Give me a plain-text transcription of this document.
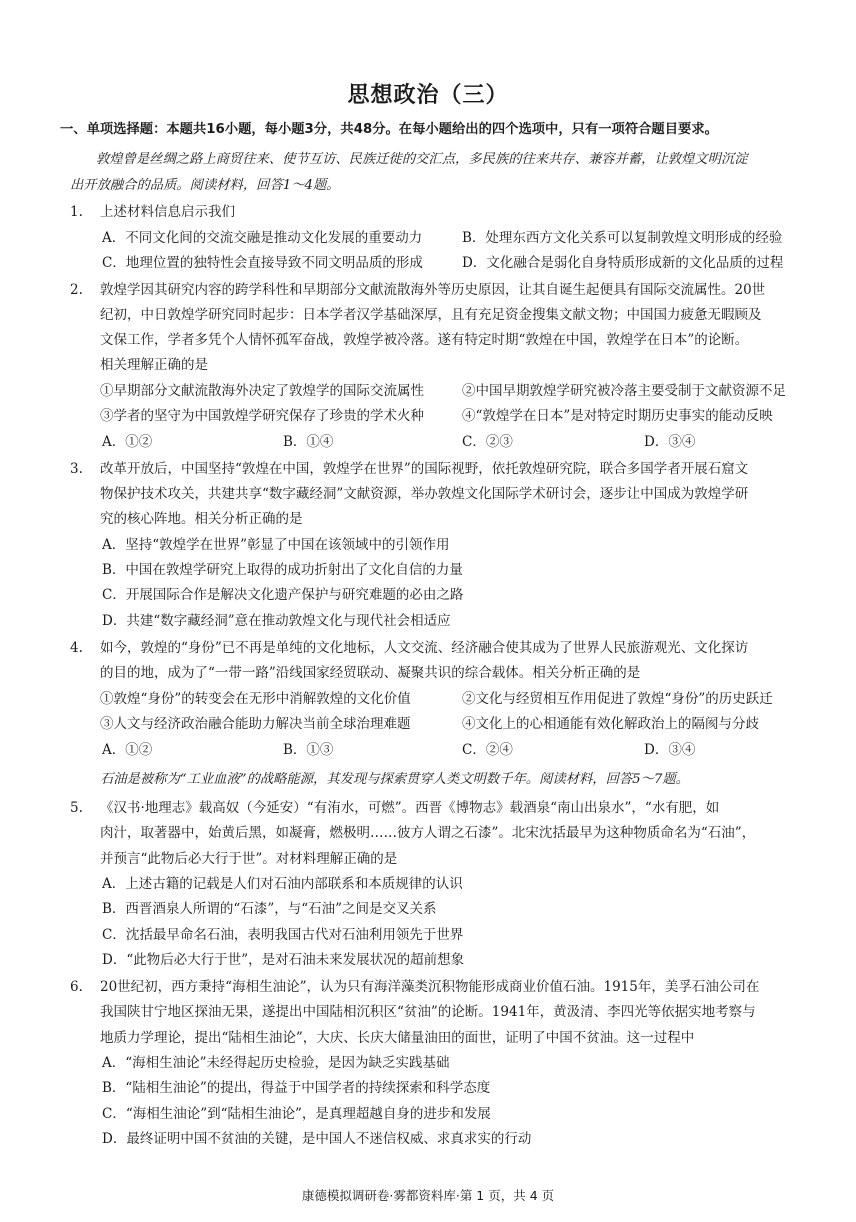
思想政治（三）
一、单项选择题：本题共16小题，每小题3分，共48分。在每小题给出的四个选项中，只有一项符合题目要求。
敦煌曾是丝绸之路上商贸往来、使节互访、民族迁徙的交汇点，多民族的往来共存、兼容并蓄，让敦煌文明沉淀
出开放融合的品质。阅读材料，回答1～4题。
1. 上述材料信息启示我们
A．不同文化间的交流交融是推动文化发展的重要动力	B．处理东西方文化关系可以复制敦煌文明形成的经验
C．地理位置的独特性会直接导致不同文明品质的形成	D．文化融合是弱化自身特质形成新的文化品质的过程
2. 敦煌学因其研究内容的跨学科性和早期部分文献流散海外等历史原因，让其自诞生起便具有国际交流属性。20世
纪初，中日敦煌学研究同时起步：日本学者汉学基础深厚，且有充足资金搜集文献文物；中国国力疲惫无暇顾及
文保工作，学者多凭个人情怀孤军奋战，敦煌学被冷落。遂有特定时期“敦煌在中国，敦煌学在日本”的论断。
相关理解正确的是
①早期部分文献流散海外决定了敦煌学的国际交流属性	②中国早期敦煌学研究被冷落主要受制于文献资源不足
③学者的坚守为中国敦煌学研究保存了珍贵的学术火种	④“敦煌学在日本”是对特定时期历史事实的能动反映
A．①②	B．①④	C．②③	D．③④
3. 改革开放后，中国坚持“敦煌在中国，敦煌学在世界”的国际视野，依托敦煌研究院，联合多国学者开展石窟文
物保护技术攻关，共建共享“数字藏经洞”文献资源，举办敦煌文化国际学术研讨会，逐步让中国成为敦煌学研
究的核心阵地。相关分析正确的是
A．坚持“敦煌学在世界”彰显了中国在该领域中的引领作用
B．中国在敦煌学研究上取得的成功折射出了文化自信的力量
C．开展国际合作是解决文化遗产保护与研究难题的必由之路
D．共建“数字藏经洞”意在推动敦煌文化与现代社会相适应
4. 如今，敦煌的“身份”已不再是单纯的文化地标，人文交流、经济融合使其成为了世界人民旅游观光、文化探访
的目的地，成为了“一带一路”沿线国家经贸联动、凝聚共识的综合载体。相关分析正确的是
①敦煌“身份”的转变会在无形中消解敦煌的文化价值	②文化与经贸相互作用促进了敦煌“身份”的历史跃迁
③人文与经济政治融合能助力解决当前全球治理难题	④文化上的心相通能有效化解政治上的隔阂与分歧
A．①②	B．①③	C．②④	D．③④
石油是被称为“工业血液”的战略能源，其发现与探索贯穿人类文明数千年。阅读材料，回答5～7题。
5. 《汉书·地理志》载高奴（今延安）“有洧水，可燃”。西晋《博物志》载酒泉“南山出泉水”，“水有肥，如
肉汁，取著器中，始黄后黑，如凝膏，燃极明……彼方人谓之石漆”。北宋沈括最早为这种物质命名为“石油”，
并预言“此物后必大行于世”。对材料理解正确的是
A．上述古籍的记载是人们对石油内部联系和本质规律的认识
B．西晋酒泉人所谓的“石漆”，与“石油”之间是交叉关系
C．沈括最早命名石油，表明我国古代对石油利用领先于世界
D．“此物后必大行于世”，是对石油未来发展状况的超前想象
6. 20世纪初，西方秉持“海相生油论”，认为只有海洋藻类沉积物能形成商业价值石油。1915年，美孚石油公司在
我国陕甘宁地区探油无果，遂提出中国陆相沉积区“贫油”的论断。1941年，黄汲清、李四光等依据实地考察与
地质力学理论，提出“陆相生油论”，大庆、长庆大储量油田的面世，证明了中国不贫油。这一过程中
A．“海相生油论”未经得起历史检验，是因为缺乏实践基础
B．“陆相生油论”的提出，得益于中国学者的持续探索和科学态度
C．“海相生油论”到“陆相生油论”，是真理超越自身的进步和发展
D．最终证明中国不贫油的关键，是中国人不迷信权威、求真求实的行动
康德模拟调研卷·雾都资料库·第 1 页，共 4 页
